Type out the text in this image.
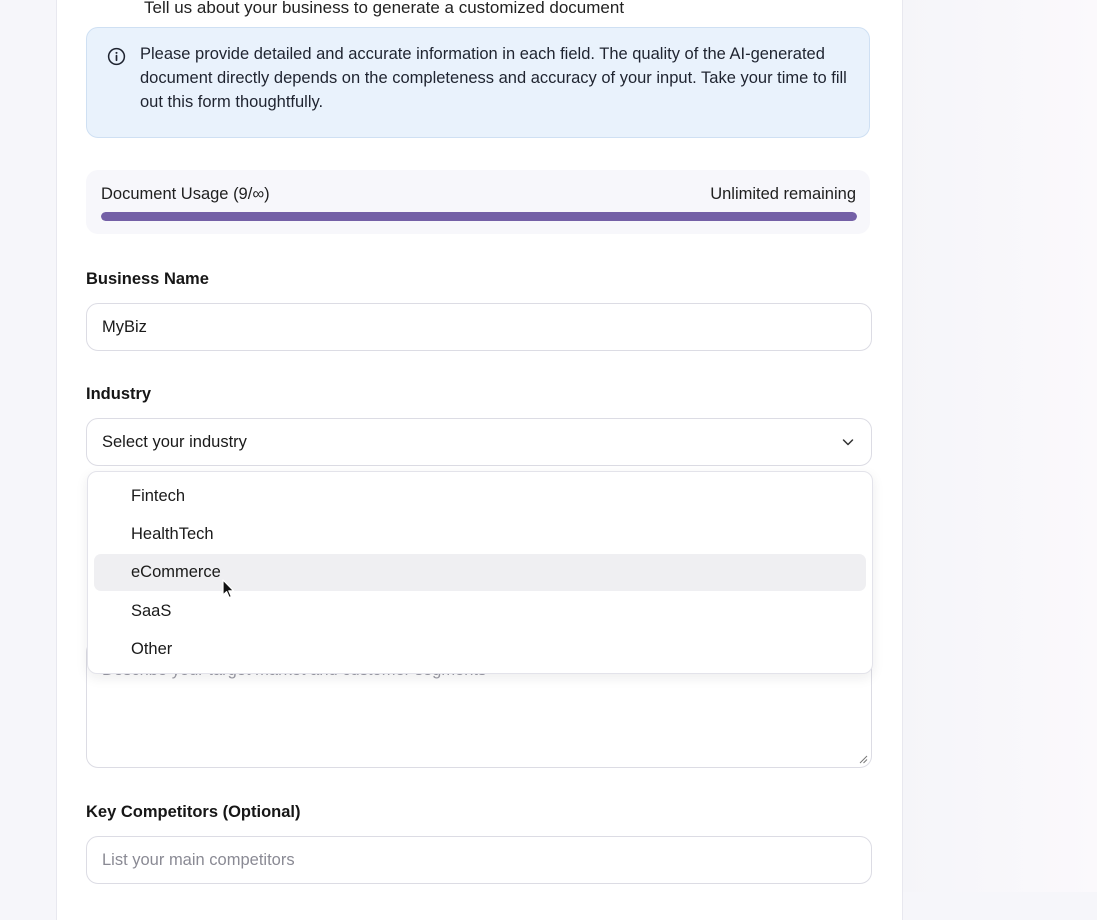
Tell us about your business to generate a customized document
Please provide detailed and accurate information in each field. The quality of the AI-generated document directly depends on the completeness and accuracy of your input. Take your time to fill out this form thoughtfully.
Document Usage (9/∞)	Unlimited remaining
Business Name
MyBiz
Industry
Select your industry
Fintech
HealthTech
eCommerce
SaaS
Other
Key Competitors (Optional)
List your main competitors
